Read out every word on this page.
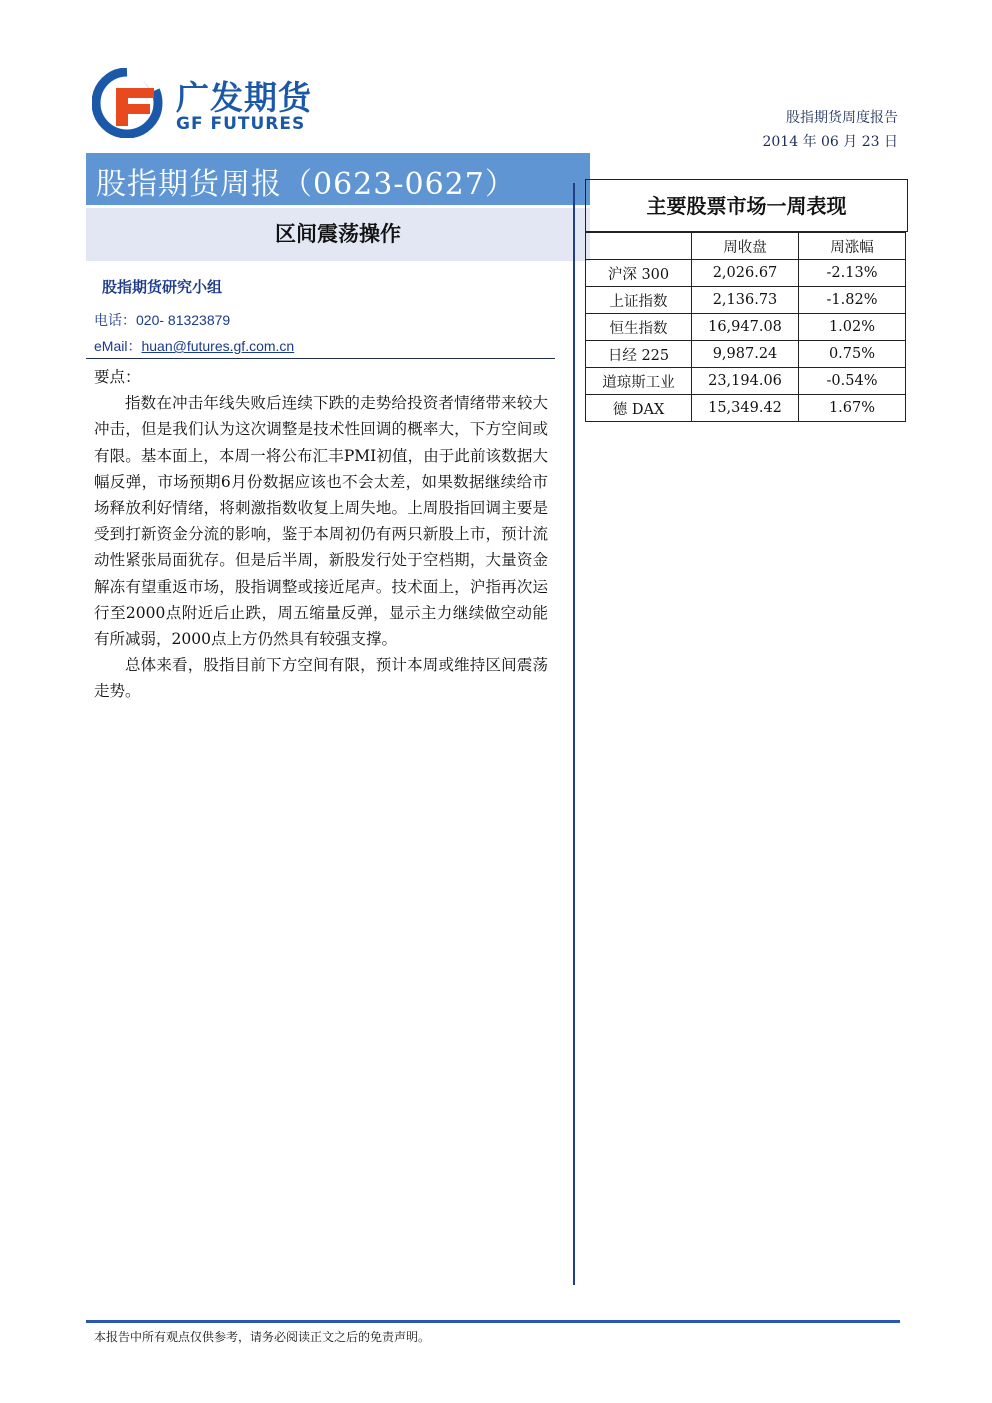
广发期货
GF FUTURES	股指期货周度报告
2014 年 06 月 23 日
股指期货周报（0623-0627）
区间震荡操作
股指期货研究小组
电话：020- 81323879
eMail：huan@futures.gf.com.cn

要点：

指数在冲击年线失败后连续下跌的走势给投资者情绪带来较大冲击，但是我们认为这次调整是技术性回调的概率大，下方空间或有限。基本面上，本周一将公布汇丰PMI初值，由于此前该数据大幅反弹，市场预期6月份数据应该也不会太差，如果数据继续给市场释放利好情绪，将刺激指数收复上周失地。上周股指回调主要是受到打新资金分流的影响，鉴于本周初仍有两只新股上市，预计流动性紧张局面犹存。但是后半周，新股发行处于空档期，大量资金解冻有望重返市场，股指调整或接近尾声。技术面上，沪指再次运行至2000点附近后止跌，周五缩量反弹，显示主力继续做空动能有所减弱，2000点上方仍然具有较强支撑。

总体来看，股指目前下方空间有限，预计本周或维持区间震荡走势。

主要股票市场一周表现
	周收盘	周涨幅
沪深 300	2,026.67	-2.13%
上证指数	2,136.73	-1.82%
恒生指数	16,947.08	1.02%
日经 225	9,987.24	0.75%
道琼斯工业	23,194.06	-0.54%
德 DAX	15,349.42	1.67%
本报告中所有观点仅供参考，请务必阅读正文之后的免责声明。
